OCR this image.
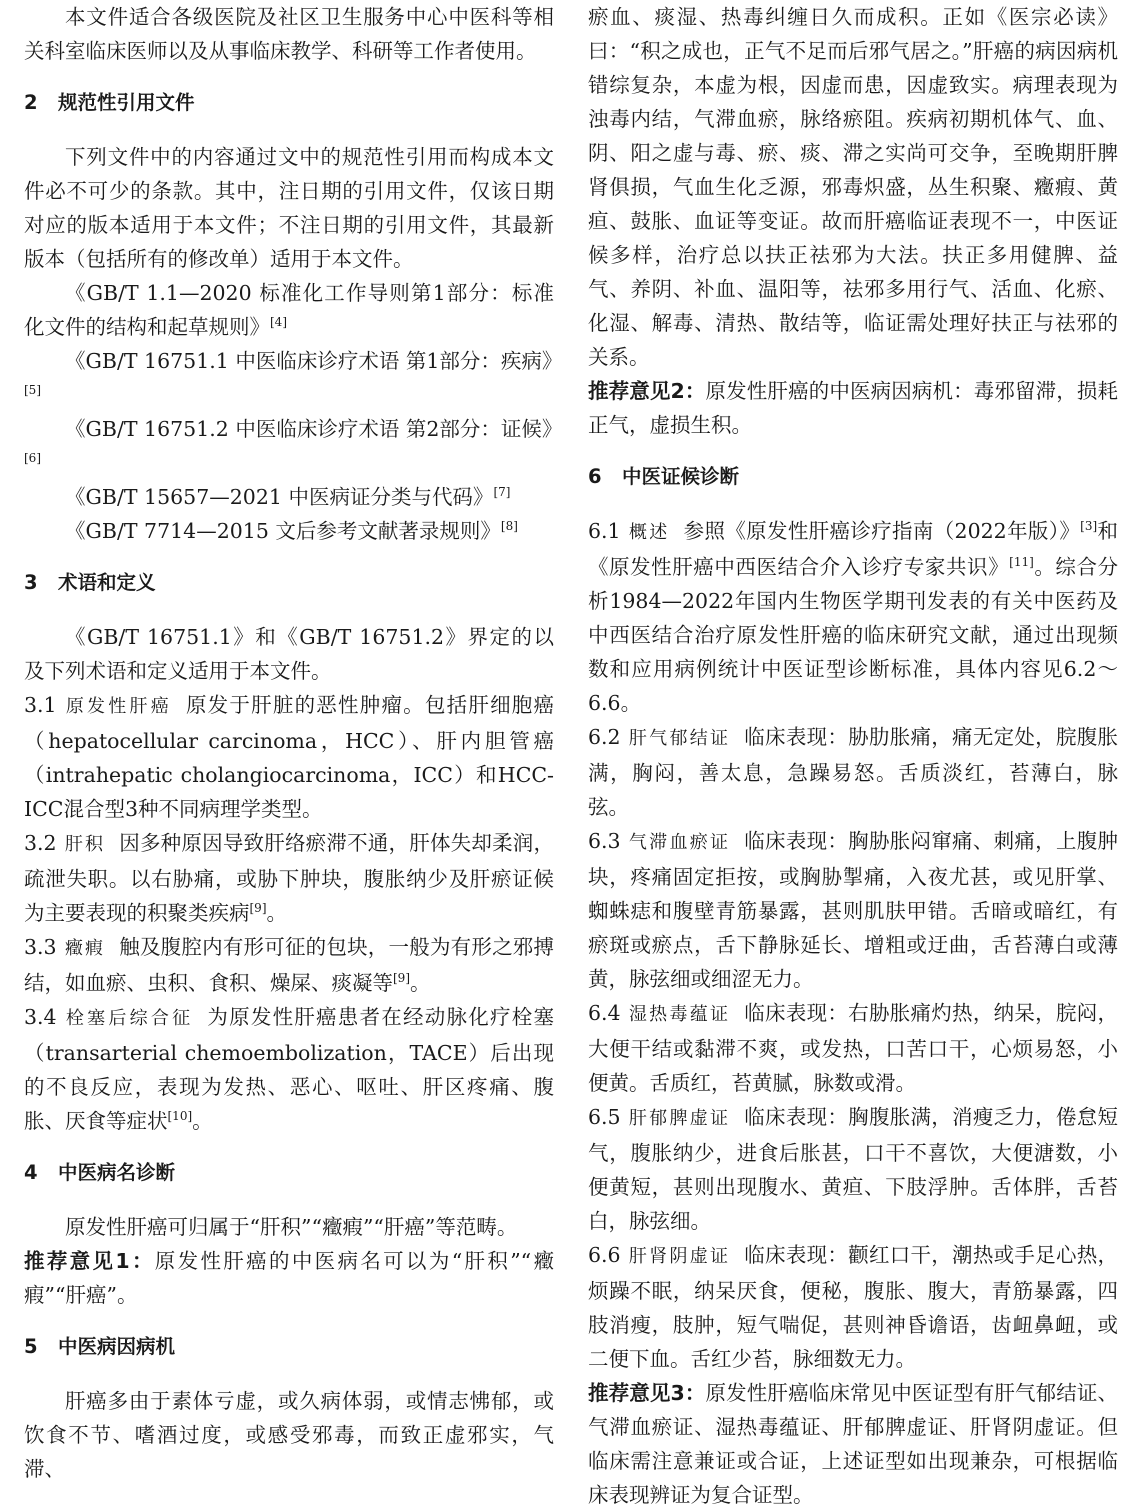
本文件适合各级医院及社区卫生服务中心中医科等相关科室临床医师以及从事临床教学、科研等工作者使用。

2 规范性引用文件

下列文件中的内容通过文中的规范性引用而构成本文件必不可少的条款。其中，注日期的引用文件，仅该日期对应的版本适用于本文件；不注日期的引用文件，其最新版本（包括所有的修改单）适用于本文件。

《GB/T 1.1—2020 标准化工作导则第1部分：标准化文件的结构和起草规则》[4]

《GB/T 16751.1 中医临床诊疗术语 第1部分：疾病》[5]

《GB/T 16751.2 中医临床诊疗术语 第2部分：证候》[6]

《GB/T 15657—2021 中医病证分类与代码》[7]

《GB/T 7714—2015 文后参考文献著录规则》[8]

3 术语和定义

《GB/T 16751.1》和《GB/T 16751.2》界定的以及下列术语和定义适用于本文件。

3.1 原发性肝癌 原发于肝脏的恶性肿瘤。包括肝细胞癌（hepatocellular carcinoma，HCC）、肝内胆管癌（intrahepatic cholangiocarcinoma，ICC）和HCC-ICC混合型3种不同病理学类型。

3.2 肝积 因多种原因导致肝络瘀滞不通，肝体失却柔润，疏泄失职。以右胁痛，或胁下肿块，腹胀纳少及肝瘀证候为主要表现的积聚类疾病[9]。

3.3 癥瘕 触及腹腔内有形可征的包块，一般为有形之邪搏结，如血瘀、虫积、食积、燥屎、痰凝等[9]。

3.4 栓塞后综合征 为原发性肝癌患者在经动脉化疗栓塞（transarterial chemoembolization，TACE）后出现的不良反应，表现为发热、恶心、呕吐、肝区疼痛、腹胀、厌食等症状[10]。

4 中医病名诊断

原发性肝癌可归属于“肝积”“癥瘕”“肝癌”等范畴。

推荐意见1：原发性肝癌的中医病名可以为“肝积”“癥瘕”“肝癌”。

5 中医病因病机

肝癌多由于素体亏虚，或久病体弱，或情志怫郁，或饮食不节、嗜酒过度，或感受邪毒，而致正虚邪实，气滞、

瘀血、痰湿、热毒纠缠日久而成积。正如《医宗必读》曰：“积之成也，正气不足而后邪气居之。”肝癌的病因病机错综复杂，本虚为根，因虚而患，因虚致实。病理表现为浊毒内结，气滞血瘀，脉络瘀阻。疾病初期机体气、血、阴、阳之虚与毒、瘀、痰、滞之实尚可交争，至晚期肝脾肾俱损，气血生化乏源，邪毒炽盛，丛生积聚、癥瘕、黄疸、鼓胀、血证等变证。故而肝癌临证表现不一，中医证候多样，治疗总以扶正祛邪为大法。扶正多用健脾、益气、养阴、补血、温阳等，祛邪多用行气、活血、化瘀、化湿、解毒、清热、散结等，临证需处理好扶正与祛邪的关系。

推荐意见2：原发性肝癌的中医病因病机：毒邪留滞，损耗正气，虚损生积。

6 中医证候诊断

6.1 概述 参照《原发性肝癌诊疗指南（2022年版）》[3]和《原发性肝癌中西医结合介入诊疗专家共识》[11]。综合分析1984—2022年国内生物医学期刊发表的有关中医药及中西医结合治疗原发性肝癌的临床研究文献，通过出现频数和应用病例统计中医证型诊断标准，具体内容见6.2～6.6。

6.2 肝气郁结证 临床表现：胁肋胀痛，痛无定处，脘腹胀满，胸闷，善太息，急躁易怒。舌质淡红，苔薄白，脉弦。

6.3 气滞血瘀证 临床表现：胸胁胀闷窜痛、刺痛，上腹肿块，疼痛固定拒按，或胸胁掣痛，入夜尤甚，或见肝掌、蜘蛛痣和腹壁青筋暴露，甚则肌肤甲错。舌暗或暗红，有瘀斑或瘀点，舌下静脉延长、增粗或迂曲，舌苔薄白或薄黄，脉弦细或细涩无力。

6.4 湿热毒蕴证 临床表现：右胁胀痛灼热，纳呆，脘闷，大便干结或黏滞不爽，或发热，口苦口干，心烦易怒，小便黄。舌质红，苔黄腻，脉数或滑。

6.5 肝郁脾虚证 临床表现：胸腹胀满，消瘦乏力，倦怠短气，腹胀纳少，进食后胀甚，口干不喜饮，大便溏数，小便黄短，甚则出现腹水、黄疸、下肢浮肿。舌体胖，舌苔白，脉弦细。

6.6 肝肾阴虚证 临床表现：颧红口干，潮热或手足心热，烦躁不眠，纳呆厌食，便秘，腹胀、腹大，青筋暴露，四肢消瘦，肢肿，短气喘促，甚则神昏谵语，齿衄鼻衄，或二便下血。舌红少苔，脉细数无力。

推荐意见3：原发性肝癌临床常见中医证型有肝气郁结证、气滞血瘀证、湿热毒蕴证、肝郁脾虚证、肝肾阴虚证。但临床需注意兼证或合证，上述证型如出现兼杂，可根据临床表现辨证为复合证型。
